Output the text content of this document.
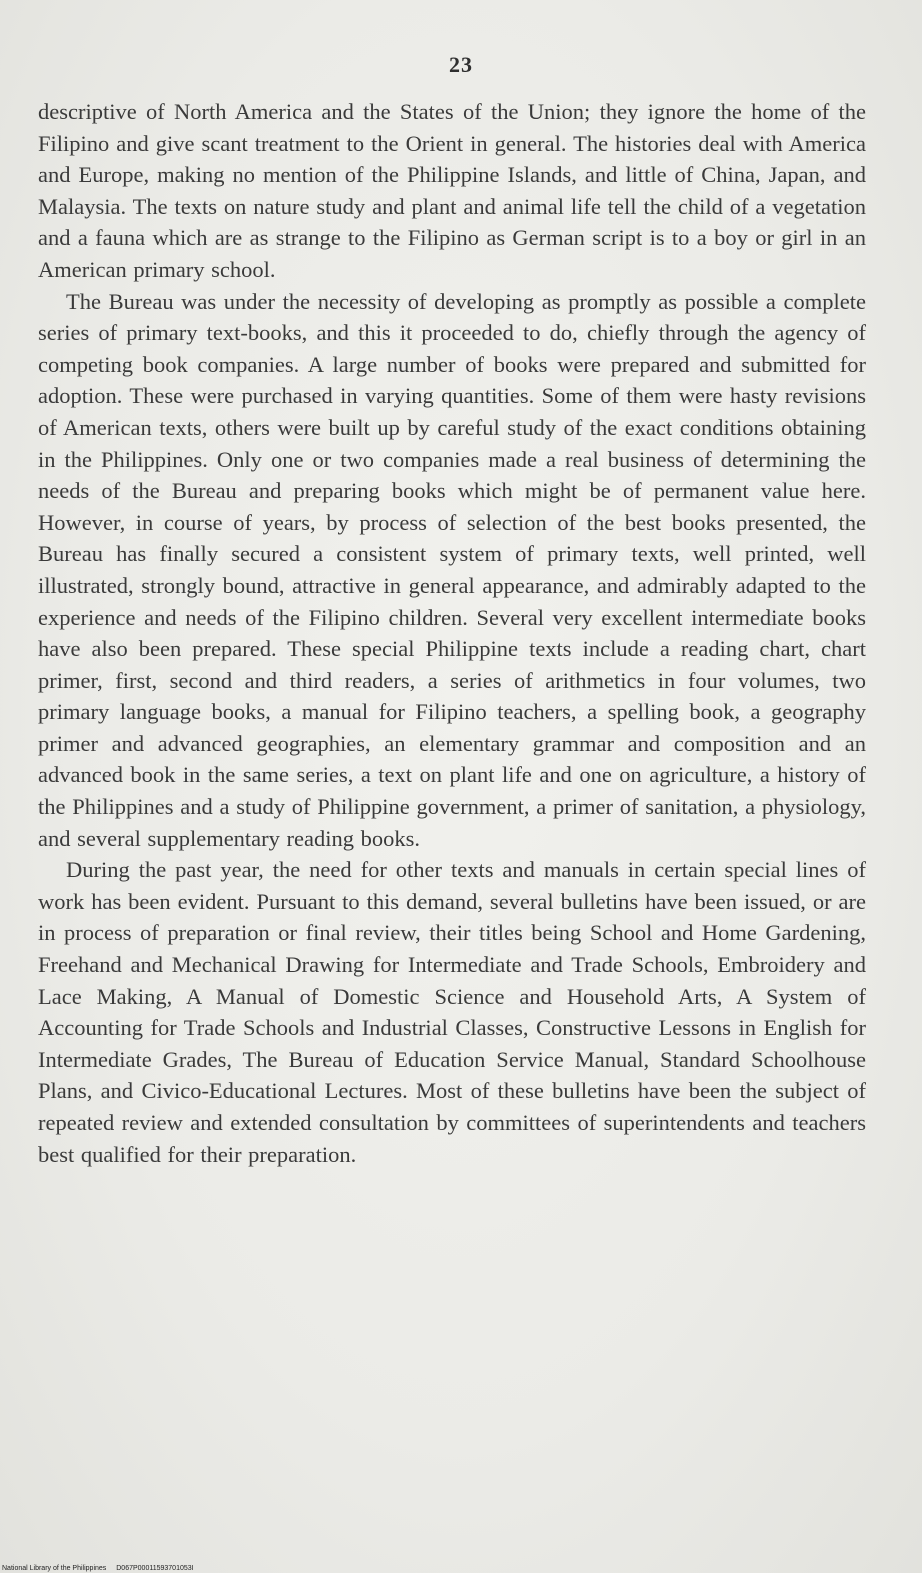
23

descriptive of North America and the States of the Union; they ignore the home of the Filipino and give scant treatment to the Orient in general. The histories deal with America and Europe, making no mention of the Philippine Islands, and little of China, Japan, and Malaysia. The texts on nature study and plant and animal life tell the child of a vegetation and a fauna which are as strange to the Filipino as German script is to a boy or girl in an American primary school.

The Bureau was under the necessity of developing as promptly as possible a complete series of primary text-books, and this it proceeded to do, chiefly through the agency of competing book companies. A large number of books were prepared and submitted for adoption. These were purchased in varying quantities. Some of them were hasty revisions of American texts, others were built up by careful study of the exact conditions obtaining in the Philippines. Only one or two companies made a real business of determining the needs of the Bureau and preparing books which might be of permanent value here. However, in course of years, by process of selection of the best books presented, the Bureau has finally secured a consistent system of primary texts, well printed, well illustrated, strongly bound, attractive in general appearance, and admirably adapted to the experience and needs of the Filipino children. Several very excellent intermediate books have also been prepared. These special Philippine texts include a reading chart, chart primer, first, second and third readers, a series of arithmetics in four volumes, two primary language books, a manual for Filipino teachers, a spelling book, a geography primer and advanced geographies, an elementary grammar and composition and an advanced book in the same series, a text on plant life and one on agriculture, a history of the Philippines and a study of Philippine government, a primer of sanitation, a physiology, and several supplementary reading books.

During the past year, the need for other texts and manuals in certain special lines of work has been evident. Pursuant to this demand, several bulletins have been issued, or are in process of preparation or final review, their titles being School and Home Gardening, Freehand and Mechanical Drawing for Intermediate and Trade Schools, Embroidery and Lace Making, A Manual of Domestic Science and Household Arts, A System of Accounting for Trade Schools and Industrial Classes, Constructive Lessons in English for Intermediate Grades, The Bureau of Education Service Manual, Standard Schoolhouse Plans, and Civico-Educational Lectures. Most of these bulletins have been the subject of repeated review and extended consultation by committees of superintendents and teachers best qualified for their preparation.

National Library of the Philippines D067P00011593701053I
